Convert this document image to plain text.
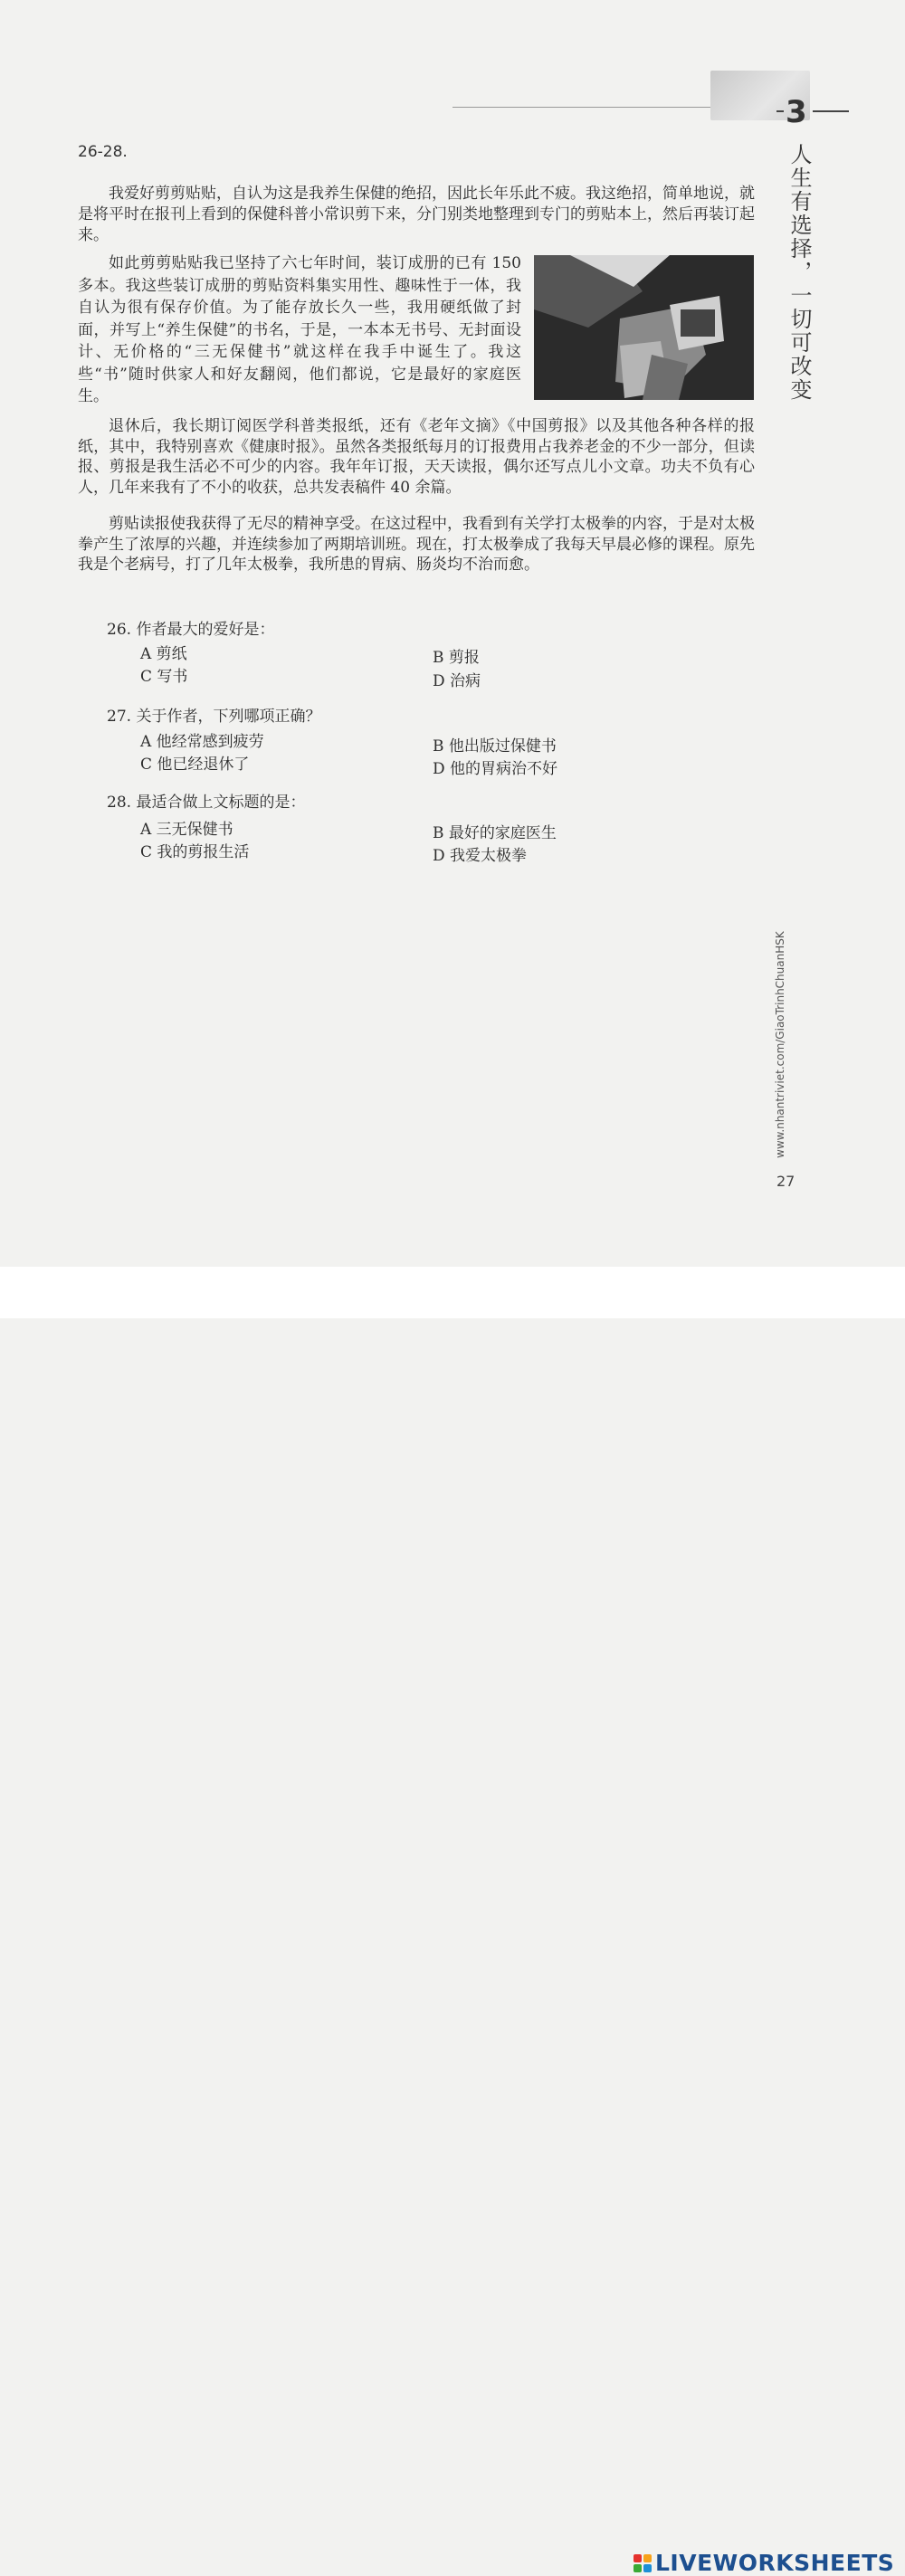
3
人生有选择，一切可改变
26-28.

我爱好剪剪贴贴，自认为这是我养生保健的绝招，因此长年乐此不疲。我这绝招，简单地说，就是将平时在报刊上看到的保健科普小常识剪下来，分门别类地整理到专门的剪贴本上，然后再装订起来。

如此剪剪贴贴我已坚持了六七年时间，装订成册的已有 150 多本。我这些装订成册的剪贴资料集实用性、趣味性于一体，我自认为很有保存价值。为了能存放长久一些，我用硬纸做了封面，并写上“养生保健”的书名，于是，一本本无书号、无封面设计、无价格的“三无保健书”就这样在我手中诞生了。我这些“书”随时供家人和好友翻阅，他们都说，它是最好的家庭医生。

退休后，我长期订阅医学科普类报纸，还有《老年文摘》《中国剪报》以及其他各种各样的报纸，其中，我特别喜欢《健康时报》。虽然各类报纸每月的订报费用占我养老金的不少一部分，但读报、剪报是我生活必不可少的内容。我年年订报，天天读报，偶尔还写点儿小文章。功夫不负有心人，几年来我有了不小的收获，总共发表稿件 40 余篇。

剪贴读报使我获得了无尽的精神享受。在这过程中，我看到有关学打太极拳的内容，于是对太极拳产生了浓厚的兴趣，并连续参加了两期培训班。现在，打太极拳成了我每天早晨必修的课程。原先我是个老病号，打了几年太极拳，我所患的胃病、肠炎均不治而愈。

26. 作者最大的爱好是：

A 剪纸	B 剪报
C 写书	D 治病

27. 关于作者，下列哪项正确？

A 他经常感到疲劳	B 他出版过保健书
C 他已经退休了	D 他的胃病治不好

28. 最适合做上文标题的是：

A 三无保健书	B 最好的家庭医生
C 我的剪报生活	D 我爱太极拳
www.nhantriviet.com/GiaoTrinhChuanHSK
27
LIVEWORKSHEETS
